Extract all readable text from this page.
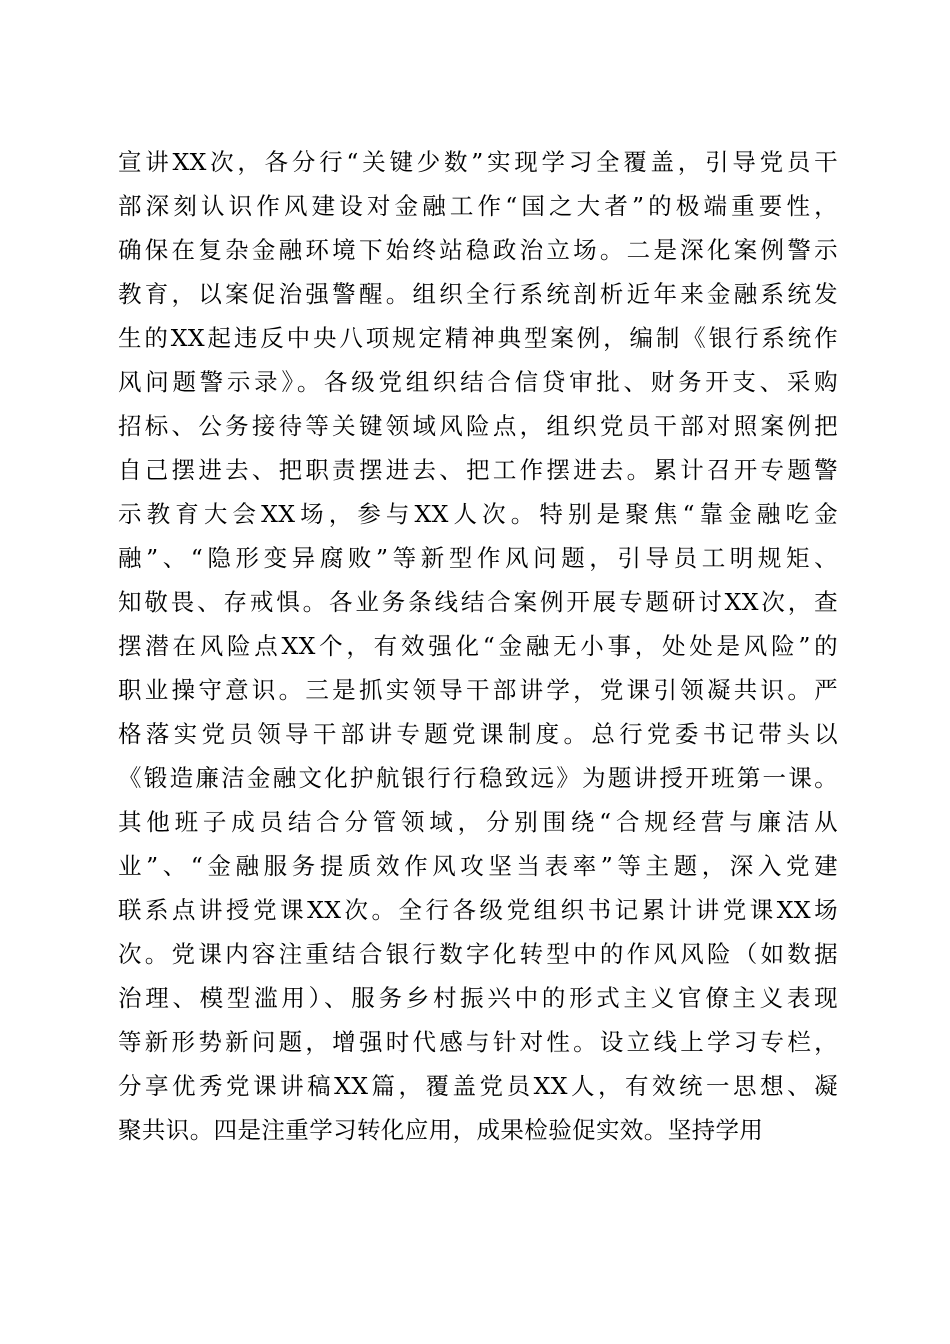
宣讲XX次，各分行“关键少数”实现学习全覆盖，引导党员干
部深刻认识作风建设对金融工作“国之大者”的极端重要性，
确保在复杂金融环境下始终站稳政治立场。二是深化案例警示
教育，以案促治强警醒。组织全行系统剖析近年来金融系统发
生的XX起违反中央八项规定精神典型案例，编制《银行系统作
风问题警示录》。各级党组织结合信贷审批、财务开支、采购
招标、公务接待等关键领域风险点，组织党员干部对照案例把
自己摆进去、把职责摆进去、把工作摆进去。累计召开专题警
示教育大会XX场，参与XX人次。特别是聚焦“靠金融吃金
融”、“隐形变异腐败”等新型作风问题，引导员工明规矩、
知敬畏、存戒惧。各业务条线结合案例开展专题研讨XX次，查
摆潜在风险点XX个，有效强化“金融无小事，处处是风险”的
职业操守意识。三是抓实领导干部讲学，党课引领凝共识。严
格落实党员领导干部讲专题党课制度。总行党委书记带头以
《锻造廉洁金融文化护航银行行稳致远》为题讲授开班第一课。
其他班子成员结合分管领域，分别围绕“合规经营与廉洁从
业”、“金融服务提质效作风攻坚当表率”等主题，深入党建
联系点讲授党课XX次。全行各级党组织书记累计讲党课XX场
次。党课内容注重结合银行数字化转型中的作风风险（如数据
治理、模型滥用）、服务乡村振兴中的形式主义官僚主义表现
等新形势新问题，增强时代感与针对性。设立线上学习专栏，
分享优秀党课讲稿XX篇，覆盖党员XX人，有效统一思想、凝
聚共识。四是注重学习转化应用，成果检验促实效。坚持学用
